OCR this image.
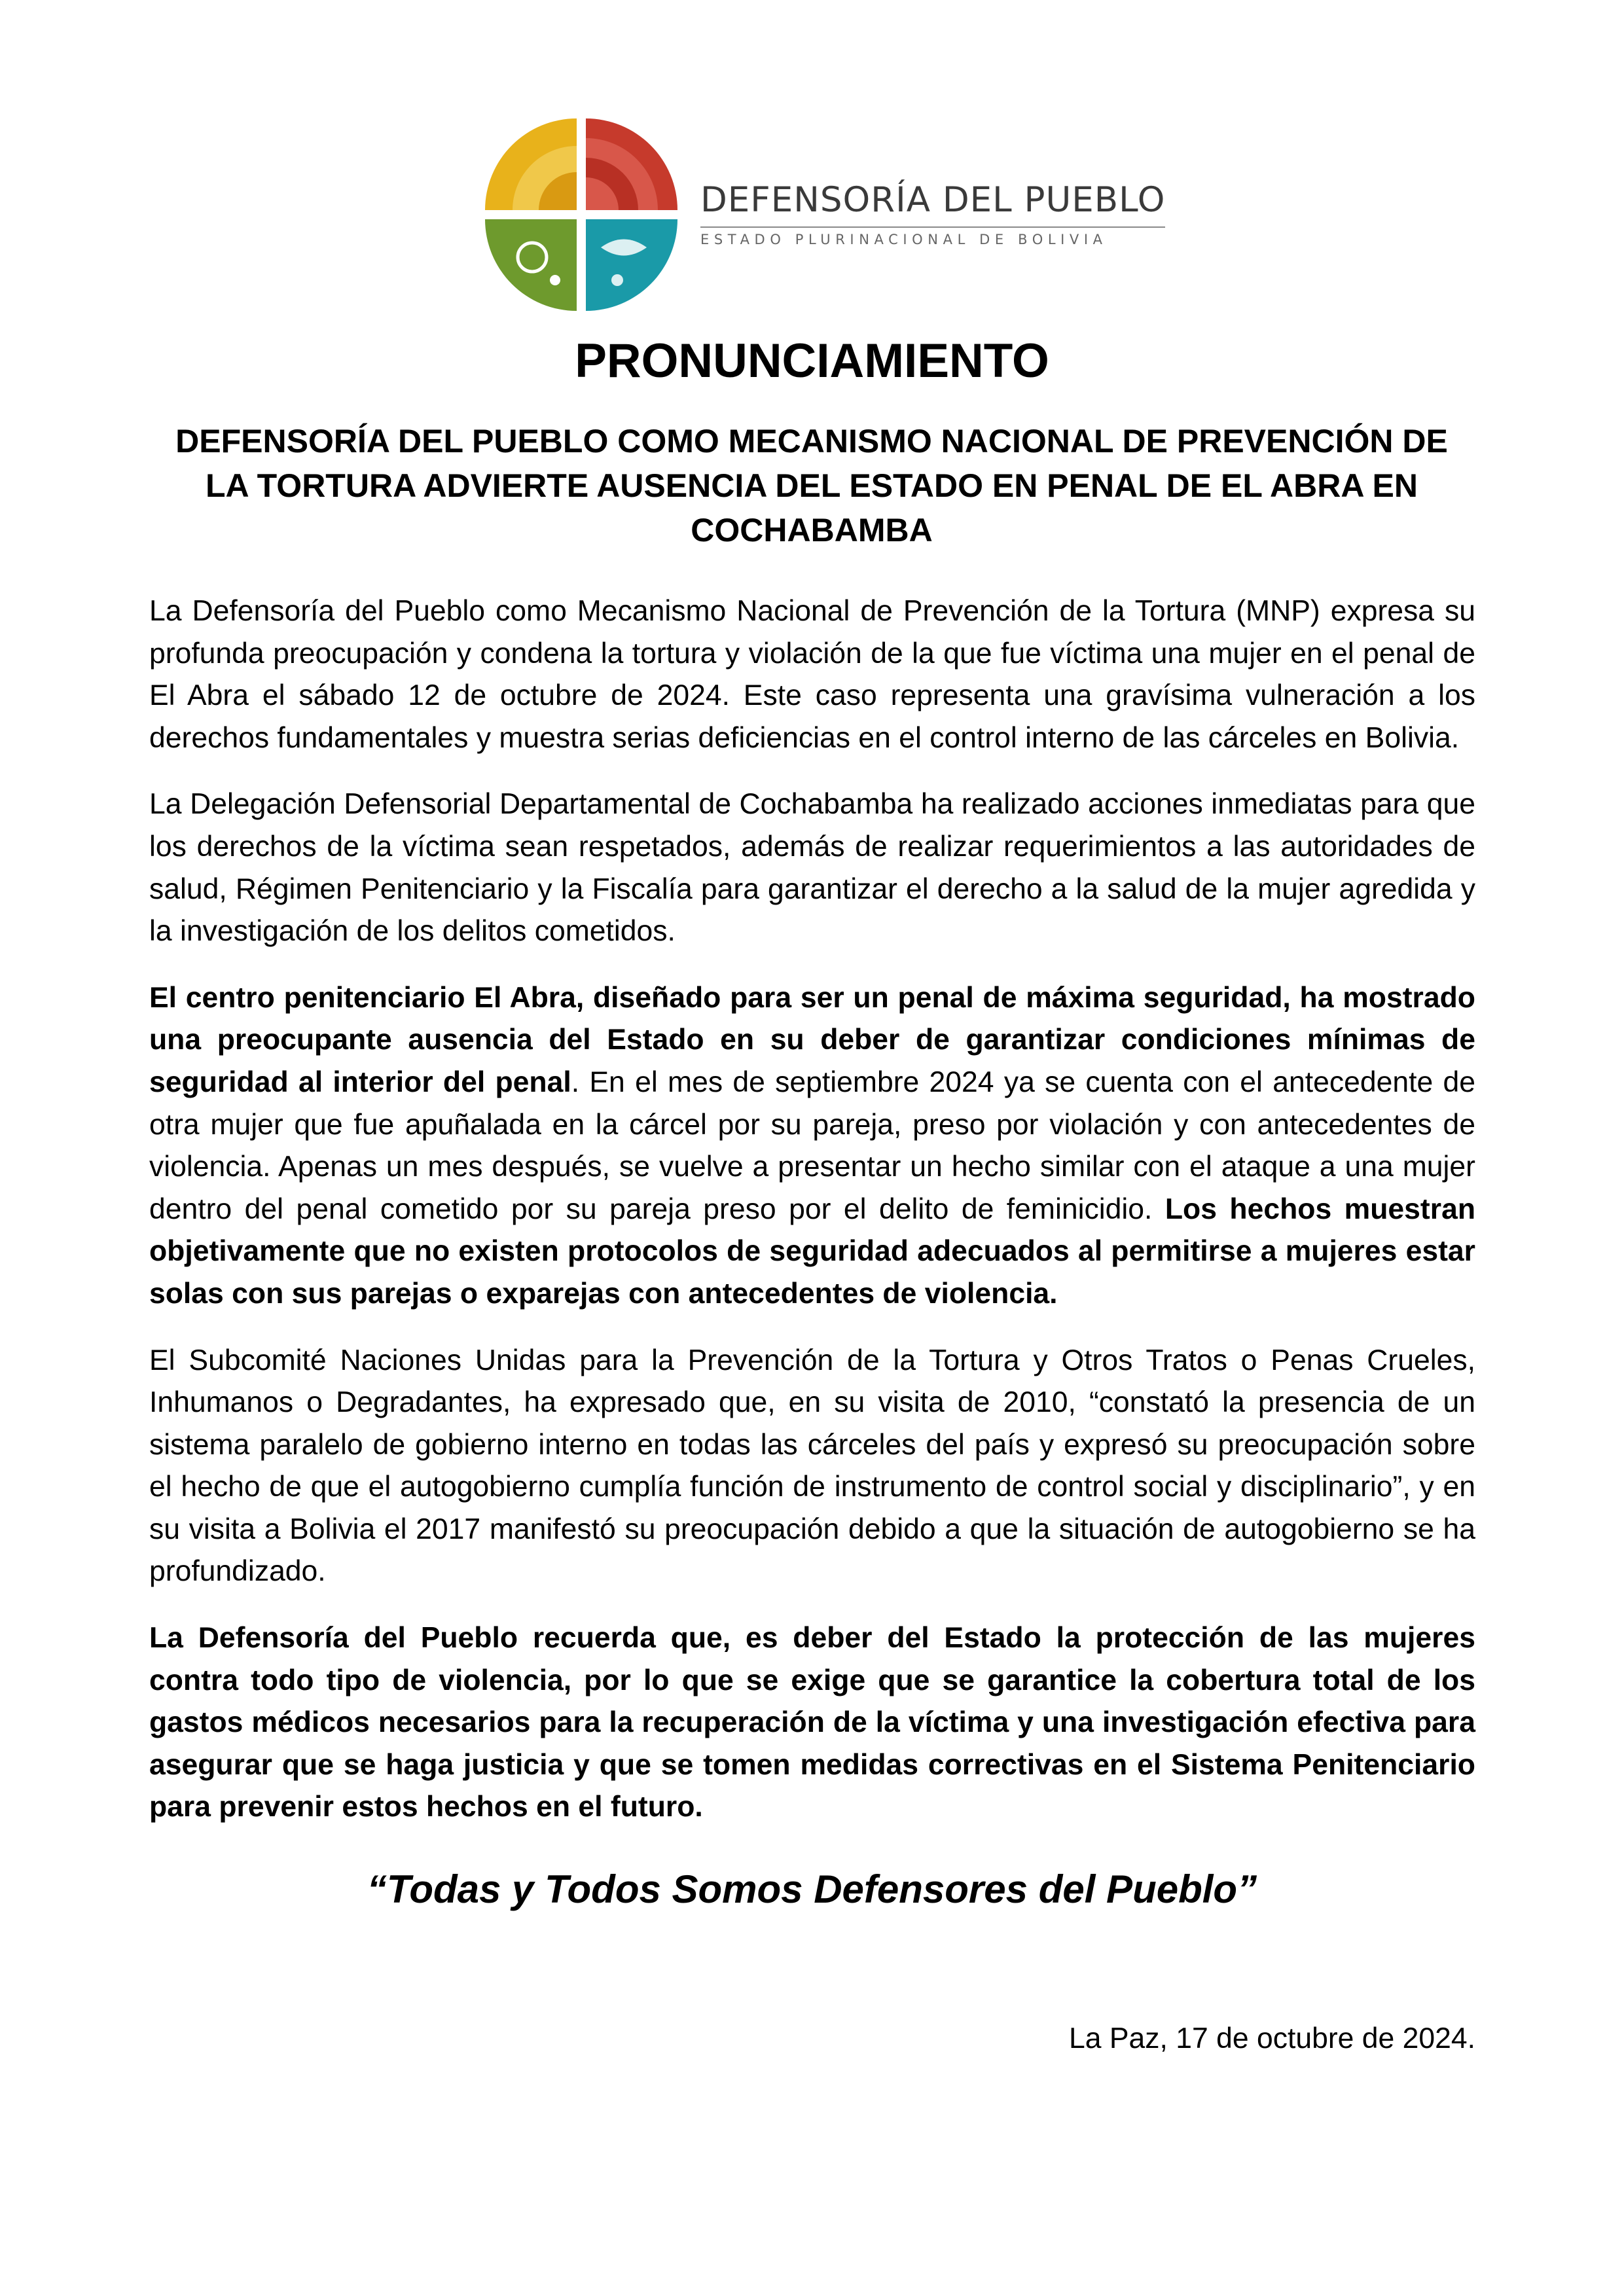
DEFENSORÍA DEL PUEBLO
ESTADO PLURINACIONAL DE BOLIVIA
PRONUNCIAMIENTO
DEFENSORÍA DEL PUEBLO COMO MECANISMO NACIONAL DE PREVENCIÓN DE LA TORTURA ADVIERTE AUSENCIA DEL ESTADO EN PENAL DE EL ABRA EN COCHABAMBA

La Defensoría del Pueblo como Mecanismo Nacional de Prevención de la Tortura (MNP) expresa su profunda preocupación y condena la tortura y violación de la que fue víctima una mujer en el penal de El Abra el sábado 12 de octubre de 2024. Este caso representa una gravísima vulneración a los derechos fundamentales y muestra serias deficiencias en el control interno de las cárceles en Bolivia.

La Delegación Defensorial Departamental de Cochabamba ha realizado acciones inmediatas para que los derechos de la víctima sean respetados, además de realizar requerimientos a las autoridades de salud, Régimen Penitenciario y la Fiscalía para garantizar el derecho a la salud de la mujer agredida y la investigación de los delitos cometidos.

El centro penitenciario El Abra, diseñado para ser un penal de máxima seguridad, ha mostrado una preocupante ausencia del Estado en su deber de garantizar condiciones mínimas de seguridad al interior del penal. En el mes de septiembre 2024 ya se cuenta con el antecedente de otra mujer que fue apuñalada en la cárcel por su pareja, preso por violación y con antecedentes de violencia. Apenas un mes después, se vuelve a presentar un hecho similar con el ataque a una mujer dentro del penal cometido por su pareja preso por el delito de feminicidio. Los hechos muestran objetivamente que no existen protocolos de seguridad adecuados al permitirse a mujeres estar solas con sus parejas o exparejas con antecedentes de violencia.

El Subcomité Naciones Unidas para la Prevención de la Tortura y Otros Tratos o Penas Crueles, Inhumanos o Degradantes, ha expresado que, en su visita de 2010, “constató la presencia de un sistema paralelo de gobierno interno en todas las cárceles del país y expresó su preocupación sobre el hecho de que el autogobierno cumplía función de instrumento de control social y disciplinario”, y en su visita a Bolivia el 2017 manifestó su preocupación debido a que la situación de autogobierno se ha profundizado.

La Defensoría del Pueblo recuerda que, es deber del Estado la protección de las mujeres contra todo tipo de violencia, por lo que se exige que se garantice la cobertura total de los gastos médicos necesarios para la recuperación de la víctima y una investigación efectiva para asegurar que se haga justicia y que se tomen medidas correctivas en el Sistema Penitenciario para prevenir estos hechos en el futuro.

“Todas y Todos Somos Defensores del Pueblo”

La Paz, 17 de octubre de 2024.
